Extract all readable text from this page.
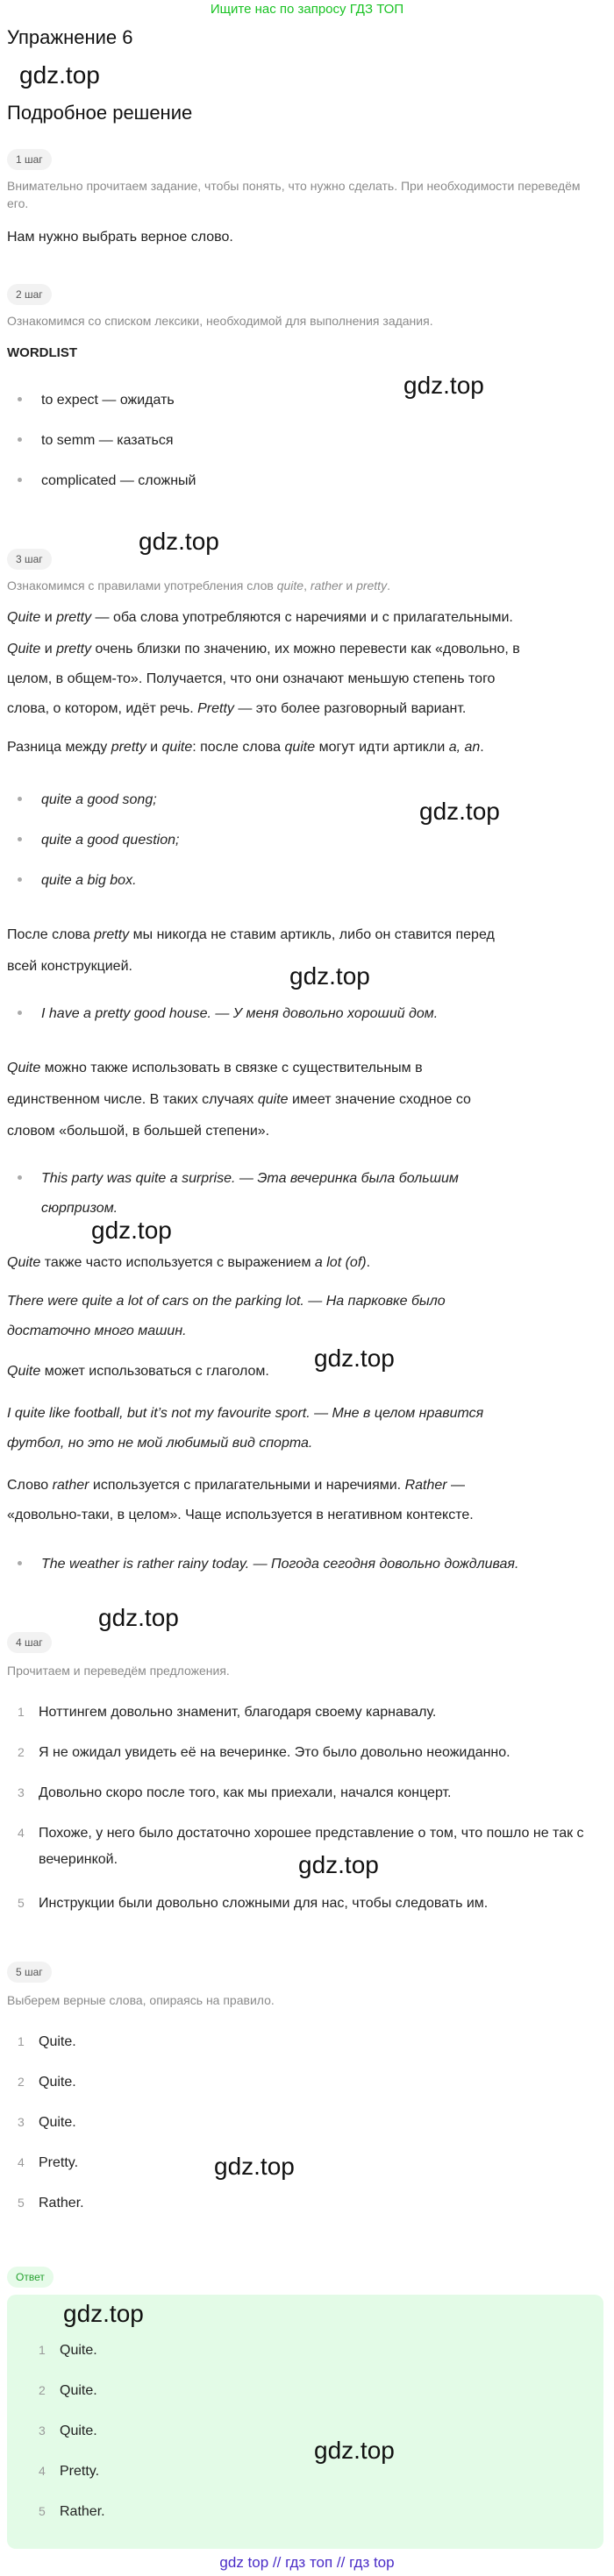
Ищите нас по запросу ГДЗ ТОП
Упражнение 6
gdz.top
Подробное решение
1 шаг
Внимательно прочитаем задание, чтобы понять, что нужно сделать. При необходимости переведём его.
Нам нужно выбрать верное слово.
2 шаг
Ознакомимся со списком лексики, необходимой для выполнения задания.
WORDLIST
gdz.top
to expect — ожидать
to semm — казаться
complicated — сложный
gdz.top
3 шаг
Ознакомимся с правилами употребления слов quite, rather и pretty.
Quite и pretty — оба слова употребляются с наречиями и с прилагательными.
Quite и pretty очень близки по значению, их можно перевести как «довольно, в
целом, в общем-то». Получается, что они означают меньшую степень того
слова, о котором, идёт речь. Pretty — это более разговорный вариант.
Разница между pretty и quite: после слова quite могут идти артикли a, an.
gdz.top
quite a good song;
quite a good question;
quite a big box.
После слова pretty мы никогда не ставим артикль, либо он ставится перед
всей конструкцией.	gdz.top
I have a pretty good house. — У меня довольно хороший дом.
Quite можно также использовать в связке с существительным в
единственном числе. В таких случаях quite имеет значение сходное со
словом «большой, в большей степени».
This party was quite a surprise. — Эта вечеринка была большим
сюрпризом.
gdz.top
Quite также часто используется с выражением a lot (of).
There were quite a lot of cars on the parking lot. — На парковке было
достаточно много машин.
gdz.top
Quite может использоваться с глаголом.
I quite like football, but it’s not my favourite sport. — Мне в целом нравится
футбол, но это не мой любимый вид спорта.
Слово rather используется с прилагательными и наречиями. Rather —
«довольно-таки, в целом». Чаще используется в негативном контексте.
The weather is rather rainy today. — Погода сегодня довольно дождливая.
gdz.top
4 шаг
Прочитаем и переведём предложения.
1 Ноттингем довольно знаменит, благодаря своему карнавалу.
2 Я не ожидал увидеть её на вечеринке. Это было довольно неожиданно.
3 Довольно скоро после того, как мы приехали, начался концерт.
4 Похоже, у него было достаточно хорошее представление о том, что пошло не так с вечеринкой.	gdz.top
5 Инструкции были довольно сложными для нас, чтобы следовать им.
5 шаг
Выберем верные слова, опираясь на правило.
1 Quite.
2 Quite.
3 Quite.
4 Pretty.	gdz.top
5 Rather.
Ответ
gdz.top
1 Quite.
2 Quite.
3 Quite.
gdz.top
4 Pretty.
5 Rather.
gdz top // гдз топ // гдз top
